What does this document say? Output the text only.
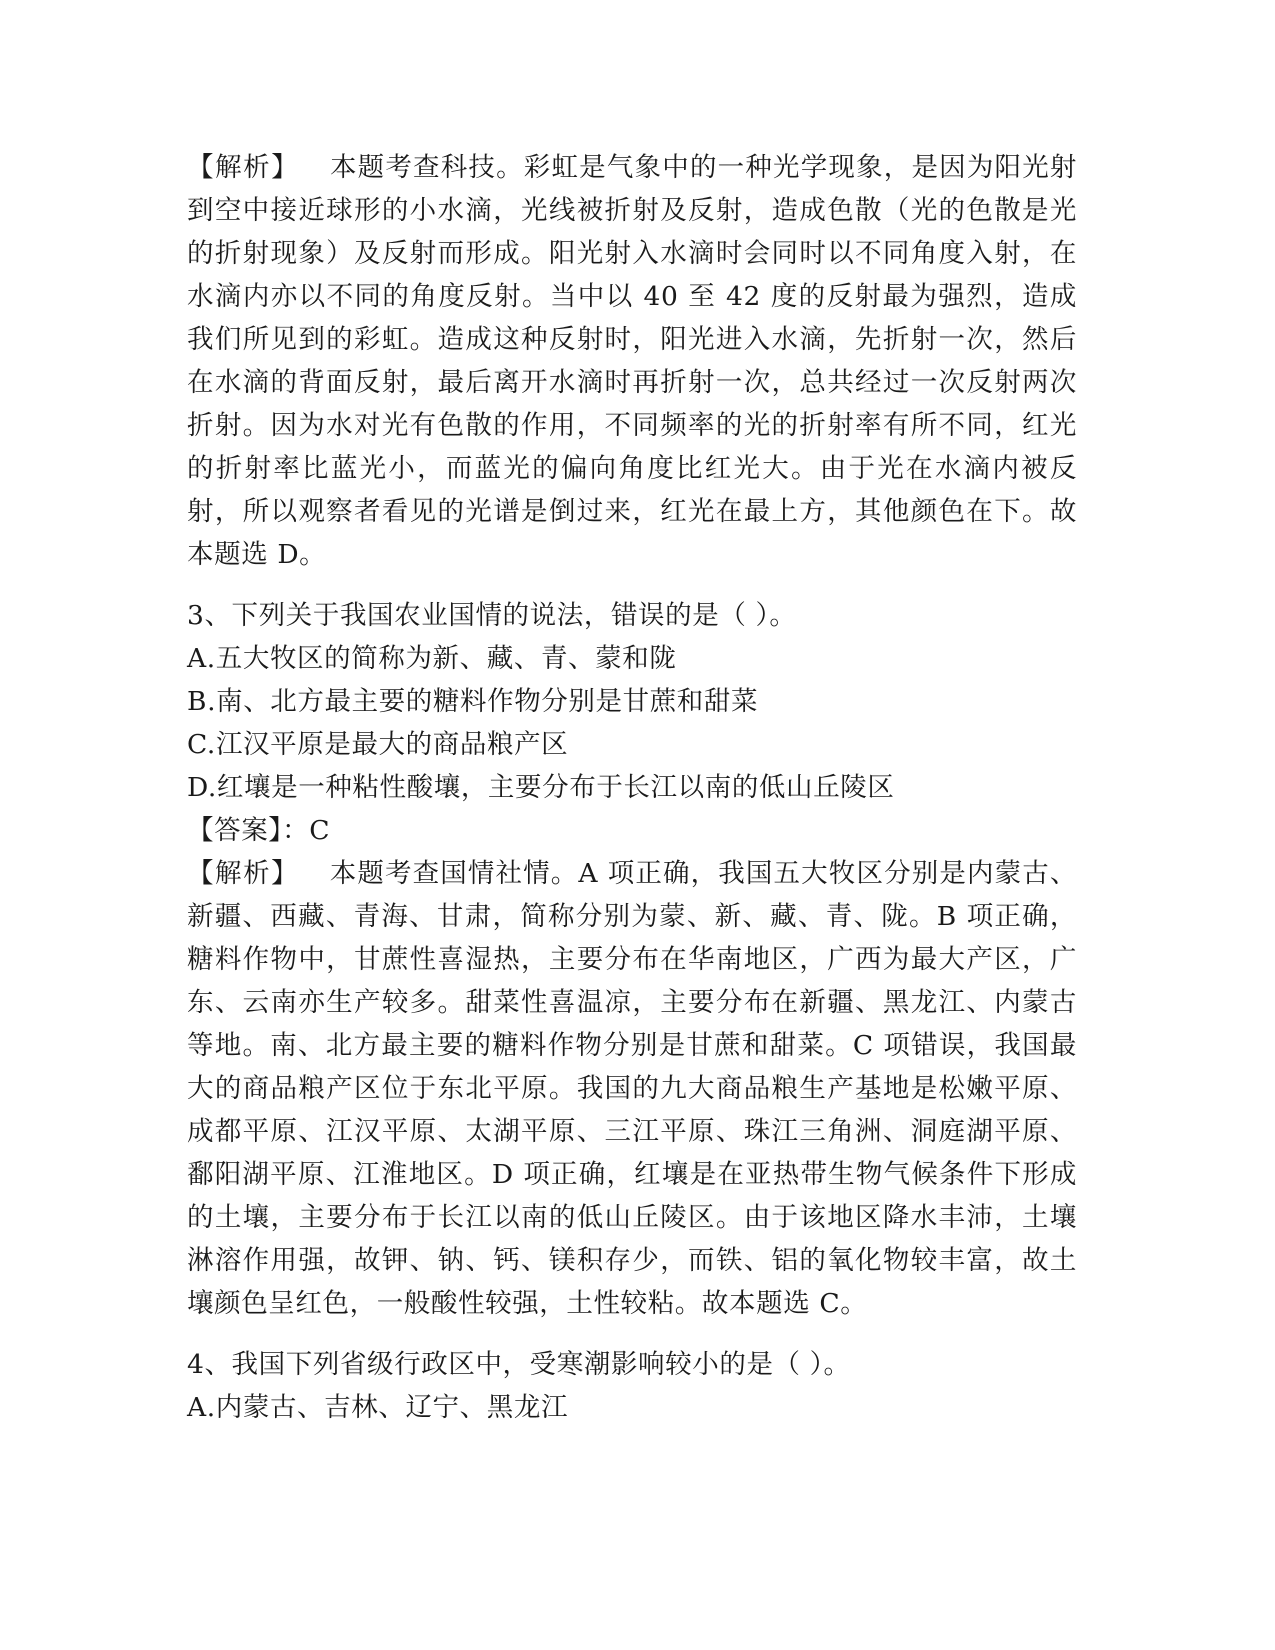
【解析】 本题考查科技。彩虹是气象中的一种光学现象，是因为阳光射到空中接近球形的小水滴，光线被折射及反射，造成色散（光的色散是光的折射现象）及反射而形成。阳光射入水滴时会同时以不同角度入射，在水滴内亦以不同的角度反射。当中以 40 至 42 度的反射最为强烈，造成我们所见到的彩虹。造成这种反射时，阳光进入水滴，先折射一次，然后在水滴的背面反射，最后离开水滴时再折射一次，总共经过一次反射两次折射。因为水对光有色散的作用，不同频率的光的折射率有所不同，红光的折射率比蓝光小，而蓝光的偏向角度比红光大。由于光在水滴内被反射，所以观察者看见的光谱是倒过来，红光在最上方，其他颜色在下。故本题选 D。

3、下列关于我国农业国情的说法，错误的是（ ）。

A.五大牧区的简称为新、藏、青、蒙和陇

B.南、北方最主要的糖料作物分别是甘蔗和甜菜

C.江汉平原是最大的商品粮产区

D.红壤是一种粘性酸壤，主要分布于长江以南的低山丘陵区

【答案】：C

【解析】 本题考查国情社情。A 项正确，我国五大牧区分别是内蒙古、新疆、西藏、青海、甘肃，简称分别为蒙、新、藏、青、陇。B 项正确，糖料作物中，甘蔗性喜湿热，主要分布在华南地区，广西为最大产区，广东、云南亦生产较多。甜菜性喜温凉，主要分布在新疆、黑龙江、内蒙古等地。南、北方最主要的糖料作物分别是甘蔗和甜菜。C 项错误，我国最大的商品粮产区位于东北平原。我国的九大商品粮生产基地是松嫩平原、成都平原、江汉平原、太湖平原、三江平原、珠江三角洲、洞庭湖平原、鄱阳湖平原、江淮地区。D 项正确，红壤是在亚热带生物气候条件下形成的土壤，主要分布于长江以南的低山丘陵区。由于该地区降水丰沛，土壤淋溶作用强，故钾、钠、钙、镁积存少，而铁、铝的氧化物较丰富，故土壤颜色呈红色，一般酸性较强，土性较粘。故本题选 C。

4、我国下列省级行政区中，受寒潮影响较小的是（ ）。

A.内蒙古、吉林、辽宁、黑龙江
